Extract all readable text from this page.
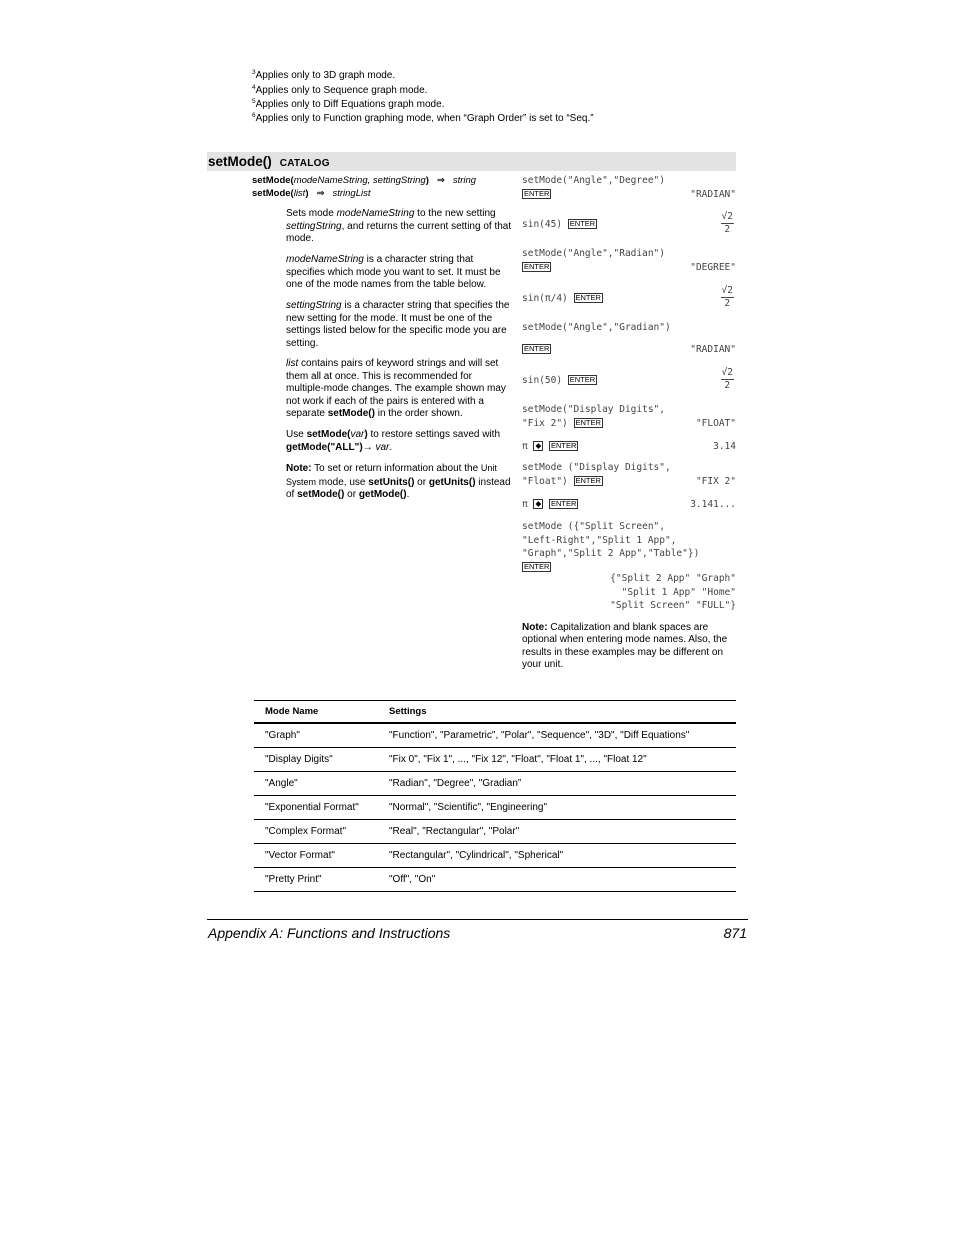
$^3$Applies only to 3D graph mode.
$^4$Applies only to Sequence graph mode.
$^5$Applies only to Diff Equations graph mode.
$^6$Applies only to Function graphing mode, when “Graph Order” is set to “Seq.”
setMode() CATALOG
setMode(modeNameString, settingString) ⇒ string
setMode(list) ⇒ stringList
Sets mode modeNameString to the new setting settingString, and returns the current setting of that mode.
modeNameString is a character string that specifies which mode you want to set. It must be one of the mode names from the table below.
settingString is a character string that specifies the new setting for the mode. It must be one of the settings listed below for the specific mode you are setting.
list contains pairs of keyword strings and will set them all at once. This is recommended for multiple-mode changes. The example shown may not work if each of the pairs is entered with a separate setMode() in the order shown.
Use setMode(var) to restore settings saved with getMode("ALL")→ var.
Note: To set or return information about the Unit System mode, use setUnits() or getUnits() instead of setMode() or getMode().
setMode("Angle","Degree")
ENTER	"RADIAN"
sin(45) ENTER	$\frac{√2}{2}$
setMode("Angle","Radian")
ENTER	"DEGREE"
sin(π/4) ENTER	$\frac{√2}{2}$
setMode("Angle","Gradian")
ENTER	"RADIAN"
sin(50) ENTER	$\frac{√2}{2}$
setMode("Display Digits",
"Fix 2") ENTER	"FLOAT"
π ◆ ENTER	3.14
setMode ("Display Digits",
"Float") ENTER	"FIX 2"
π ◆ ENTER	3.141...
setMode ({"Split Screen",
"Left-Right","Split 1 App",
"Graph","Split 2 App","Table"})
ENTER
{"Split 2 App" "Graph"
"Split 1 App" "Home"
"Split Screen" "FULL"}
Note: Capitalization and blank spaces are optional when entering mode names. Also, the results in these examples may be different on your unit.
Mode Name	Settings
"Graph"	"Function", "Parametric", "Polar", "Sequence", "3D", "Diff Equations"
"Display Digits"	"Fix 0", "Fix 1", ..., "Fix 12", "Float", "Float 1", ..., "Float 12"
"Angle"	"Radian", "Degree", "Gradian”
"Exponential Format"	"Normal", "Scientific", "Engineering"
"Complex Format"	"Real", "Rectangular", "Polar"
"Vector Format"	"Rectangular", "Cylindrical", "Spherical"
"Pretty Print"	"Off", "On"
Appendix A: Functions and Instructions	871
